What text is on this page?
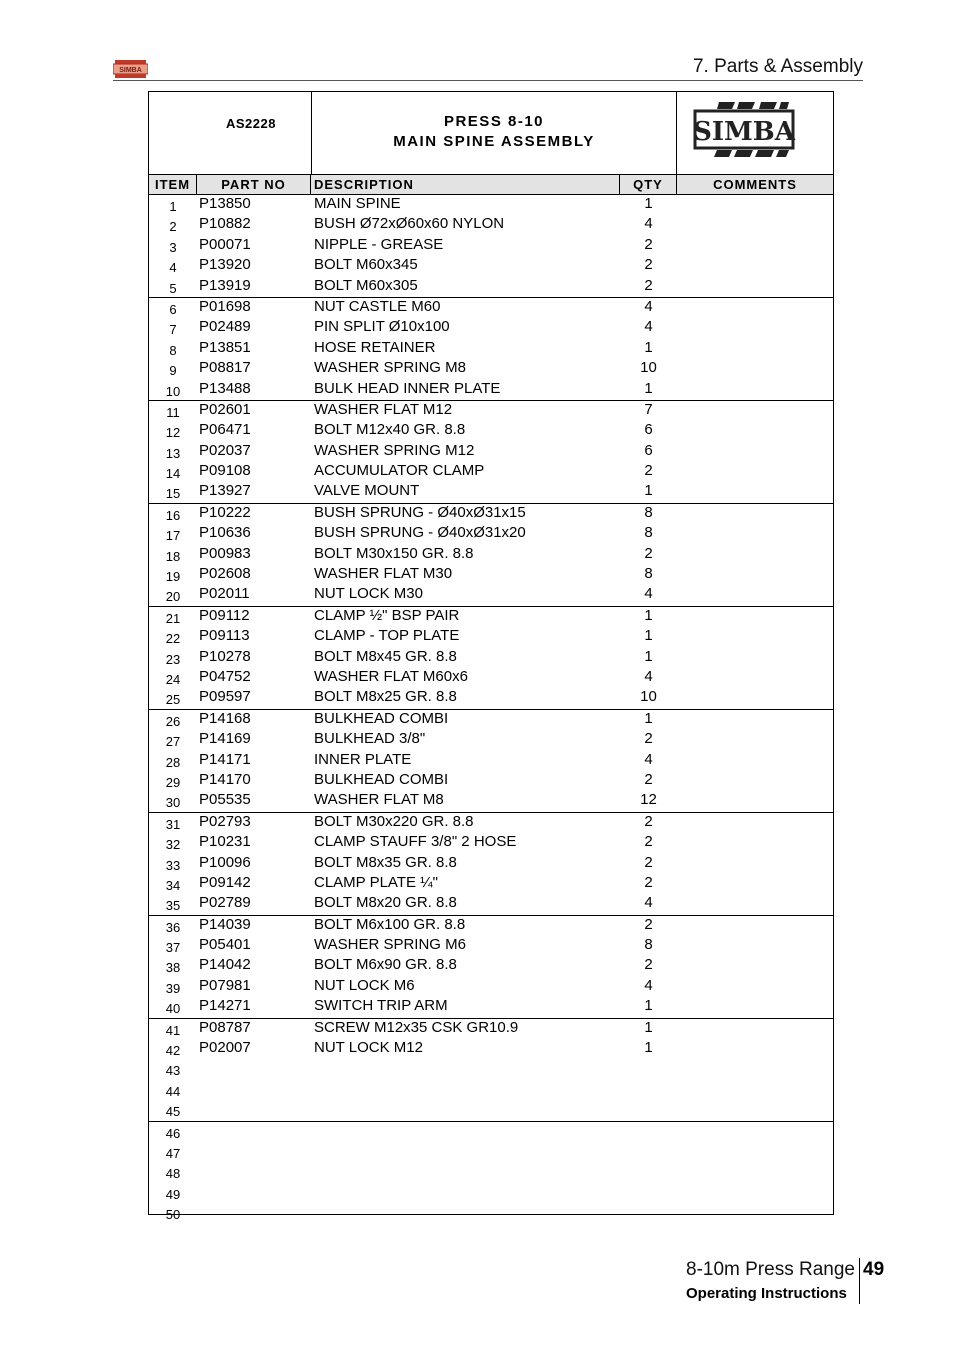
SIMBA	7. Parts & Assembly
AS2228	PRESS 8-10
MAIN SPINE ASSEMBLY	SIMBA
ITEM	PART NO	DESCRIPTION	QTY	COMMENTS
1	P13850	MAIN SPINE	1
2	P10882	BUSH Ø72xØ60x60 NYLON	4
3	P00071	NIPPLE - GREASE	2
4	P13920	BOLT M60x345	2
5	P13919	BOLT M60x305	2
6	P01698	NUT CASTLE M60	4
7	P02489	PIN SPLIT Ø10x100	4
8	P13851	HOSE RETAINER	1
9	P08817	WASHER SPRING M8	10
10	P13488	BULK HEAD INNER PLATE	1
11	P02601	WASHER FLAT M12	7
12	P06471	BOLT M12x40 GR. 8.8	6
13	P02037	WASHER SPRING M12	6
14	P09108	ACCUMULATOR CLAMP	2
15	P13927	VALVE MOUNT	1
16	P10222	BUSH SPRUNG - Ø40xØ31x15	8
17	P10636	BUSH SPRUNG - Ø40xØ31x20	8
18	P00983	BOLT M30x150 GR. 8.8	2
19	P02608	WASHER FLAT M30	8
20	P02011	NUT LOCK M30	4
21	P09112	CLAMP ½" BSP PAIR	1
22	P09113	CLAMP - TOP PLATE	1
23	P10278	BOLT M8x45 GR. 8.8	1
24	P04752	WASHER FLAT M60x6	4
25	P09597	BOLT M8x25 GR. 8.8	10
26	P14168	BULKHEAD COMBI	1
27	P14169	BULKHEAD 3/8"	2
28	P14171	INNER PLATE	4
29	P14170	BULKHEAD COMBI	2
30	P05535	WASHER FLAT M8	12
31	P02793	BOLT M30x220 GR. 8.8	2
32	P10231	CLAMP STAUFF 3/8" 2 HOSE	2
33	P10096	BOLT M8x35 GR. 8.8	2
34	P09142	CLAMP PLATE ¼"	2
35	P02789	BOLT M8x20 GR. 8.8	4
36	P14039	BOLT M6x100 GR. 8.8	2
37	P05401	WASHER SPRING M6	8
38	P14042	BOLT M6x90 GR. 8.8	2
39	P07981	NUT LOCK M6	4
40	P14271	SWITCH TRIP ARM	1
41	P08787	SCREW M12x35 CSK GR10.9	1
42	P02007	NUT LOCK M12	1
43
44
45
46
47
48
49
50
8-10m Press Range 49
Operating Instructions
